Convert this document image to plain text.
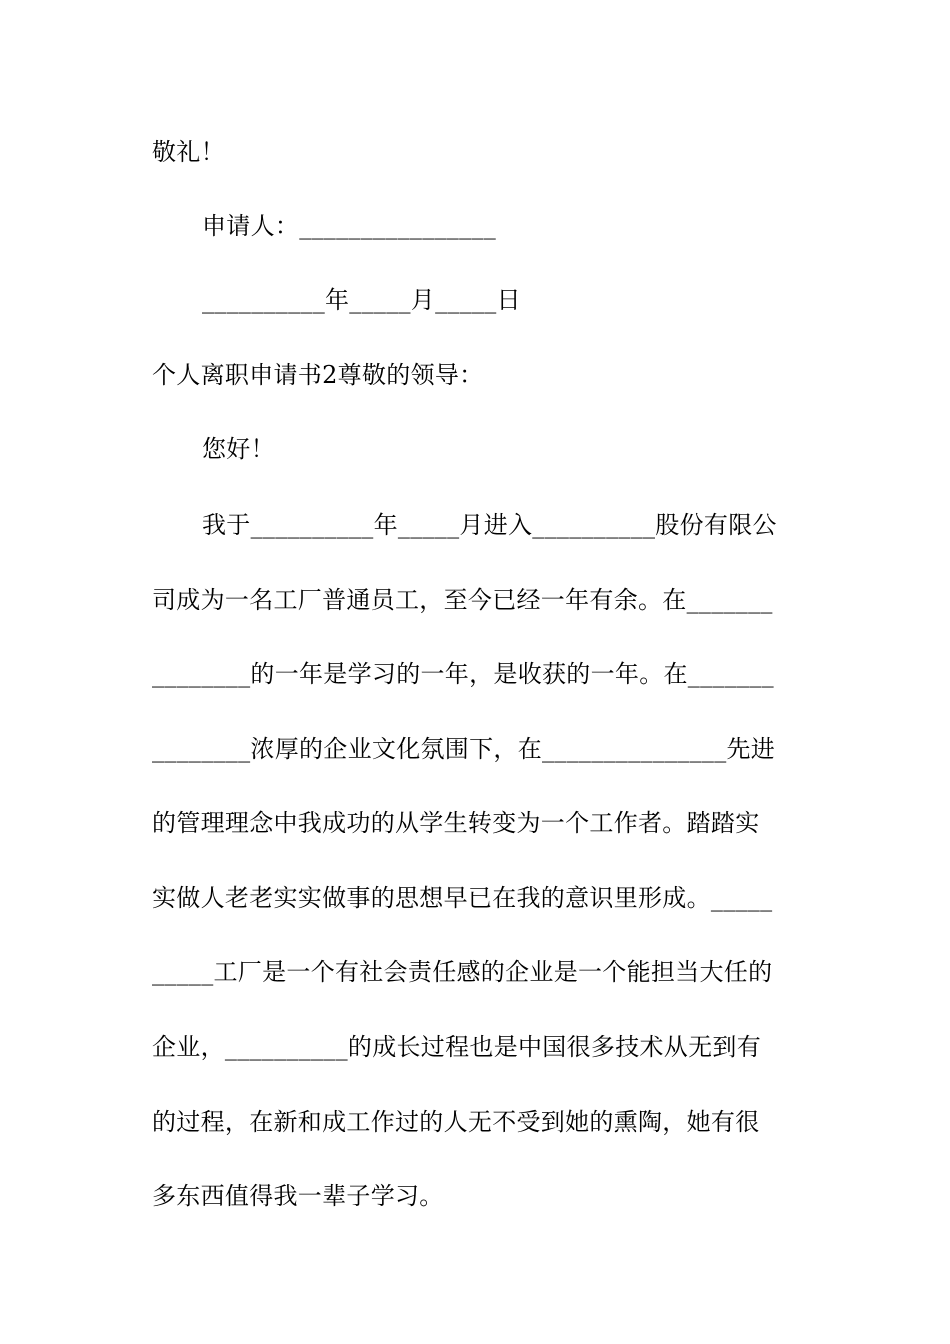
敬礼！
申请人：________________
__________年_____月_____日
个人离职申请书2尊敬的领导：
您好！
我于__________年_____月进入__________股份有限公
司成为一名工厂普通员工，至今已经一年有余。在_______
________的一年是学习的一年，是收获的一年。在_______
________浓厚的企业文化氛围下，在_______________先进
的管理理念中我成功的从学生转变为一个工作者。踏踏实
实做人老老实实做事的思想早已在我的意识里形成。_____
_____工厂是一个有社会责任感的企业是一个能担当大任的
企业，__________的成长过程也是中国很多技术从无到有
的过程，在新和成工作过的人无不受到她的熏陶，她有很
多东西值得我一辈子学习。
